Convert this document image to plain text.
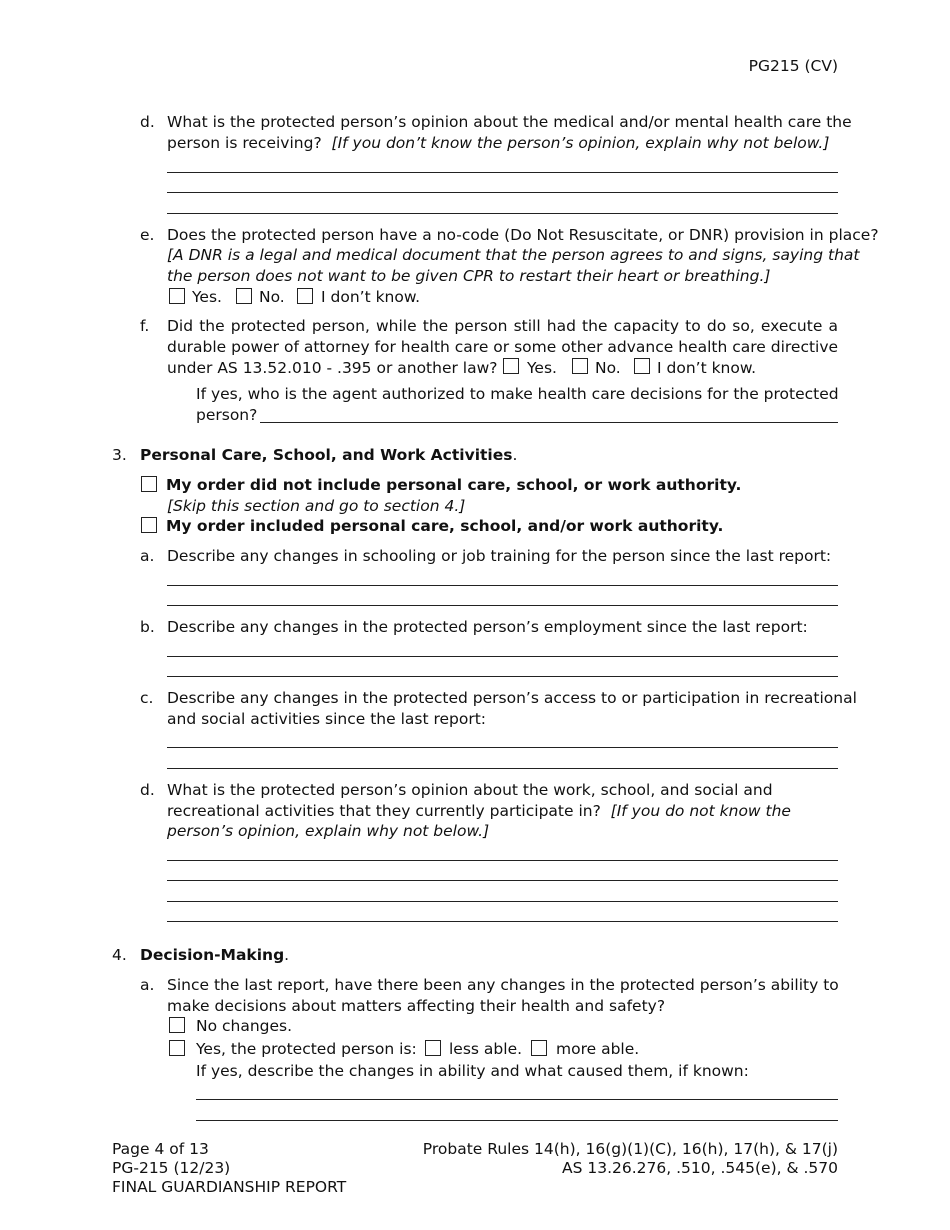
PG215 (CV)
d. What is the protected person’s opinion about the medical and/or mental health care the
person is receiving? [If you don’t know the person’s opinion, explain why not below.]
e. Does the protected person have a no-code (Do Not Resuscitate, or DNR) provision in place?
[A DNR is a legal and medical document that the person agrees to and signs, saying that
the person does not want to be given CPR to restart their heart or breathing.]
Yes. No. I don’t know.
f. Did the protected person, while the person still had the capacity to do so, execute a
durable power of attorney for health care or some other advance health care directive
under AS 13.52.010 - .395 or another law? Yes. No. I don’t know.
If yes, who is the agent authorized to make health care decisions for the protected
person?
3. Personal Care, School, and Work Activities.
My order did not include personal care, school, or work authority.
[Skip this section and go to section 4.]
My order included personal care, school, and/or work authority.
a. Describe any changes in schooling or job training for the person since the last report:
b. Describe any changes in the protected person’s employment since the last report:
c. Describe any changes in the protected person’s access to or participation in recreational
and social activities since the last report:
d. What is the protected person’s opinion about the work, school, and social and
recreational activities that they currently participate in? [If you do not know the
person’s opinion, explain why not below.]
4. Decision-Making.
a. Since the last report, have there been any changes in the protected person’s ability to
make decisions about matters affecting their health and safety?
No changes.
Yes, the protected person is: less able. more able.
If yes, describe the changes in ability and what caused them, if known:
Page 4 of 13
PG-215 (12/23)
FINAL GUARDIANSHIP REPORT
Probate Rules 14(h), 16(g)(1)(C), 16(h), 17(h), & 17(j)
AS 13.26.276, .510, .545(e), & .570
